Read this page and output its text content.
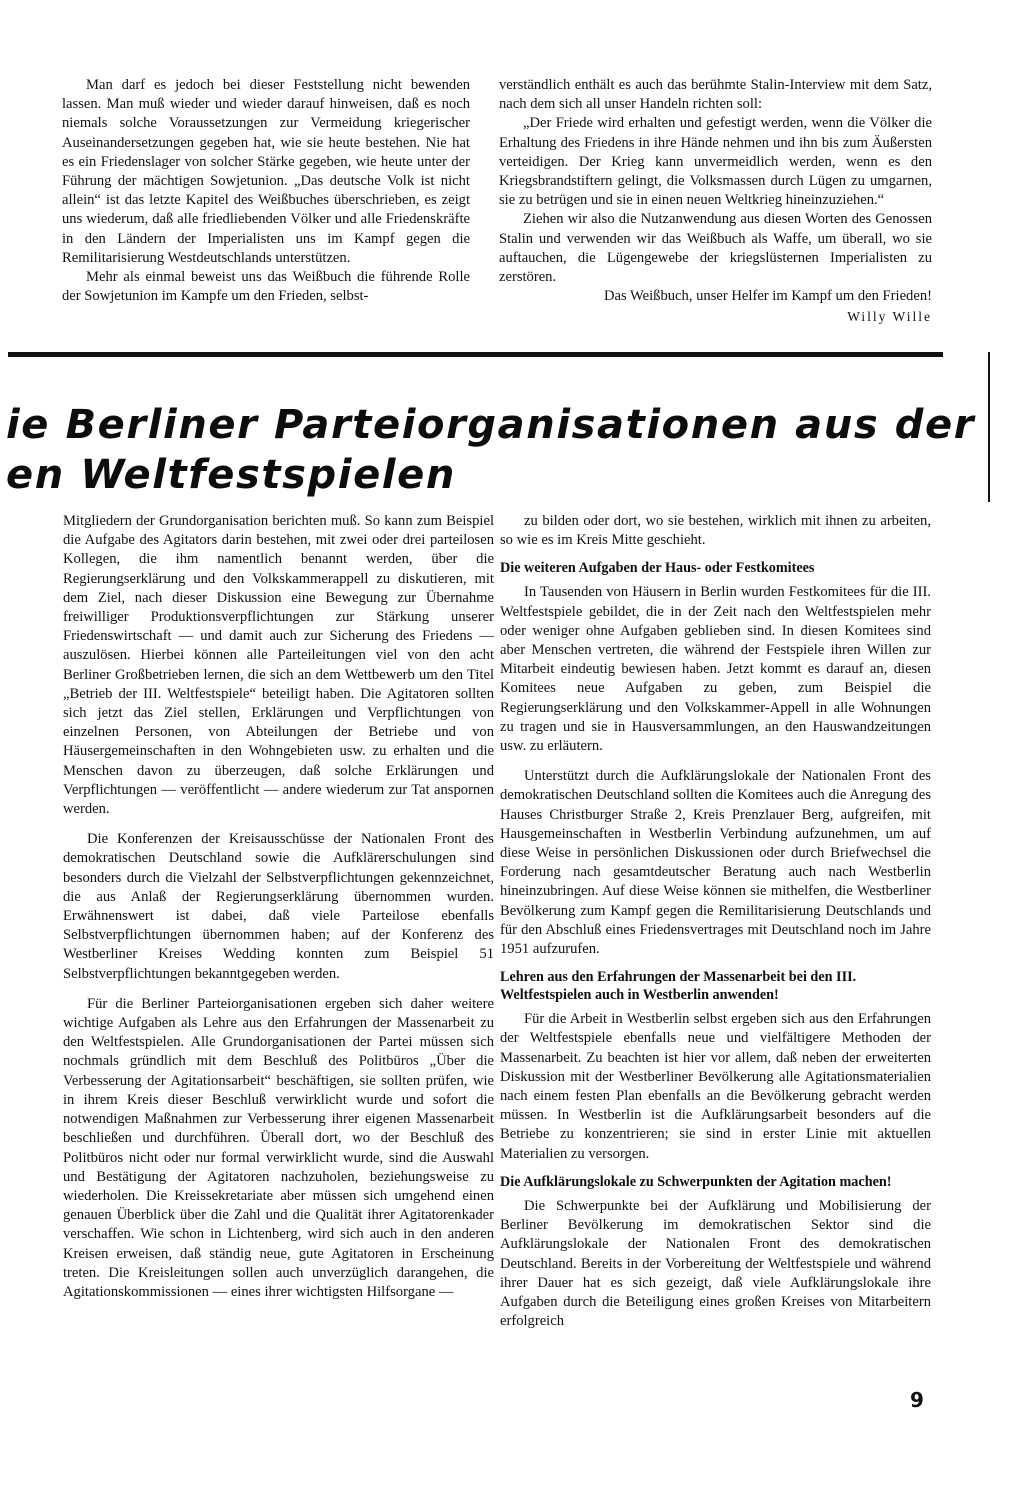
Man darf es jedoch bei dieser Feststellung nicht bewenden lassen. Man muß wieder und wieder darauf hinweisen, daß es noch niemals solche Voraussetzungen zur Vermeidung kriegerischer Auseinandersetzungen gegeben hat, wie sie heute bestehen. Nie hat es ein Friedenslager von solcher Stärke gegeben, wie heute unter der Führung der mächtigen Sowjetunion. „Das deutsche Volk ist nicht allein“ ist das letzte Kapitel des Weißbuches überschrieben, es zeigt uns wiederum, daß alle friedliebenden Völker und alle Friedenskräfte in den Ländern der Imperialisten uns im Kampf gegen die Remilitarisierung Westdeutschlands unterstützen.

Mehr als einmal beweist uns das Weißbuch die führende Rolle der Sowjetunion im Kampfe um den Frieden, selbst-

verständlich enthält es auch das berühmte Stalin-Interview mit dem Satz, nach dem sich all unser Handeln richten soll:

„Der Friede wird erhalten und gefestigt werden, wenn die Völker die Erhaltung des Friedens in ihre Hände nehmen und ihn bis zum Äußersten verteidigen. Der Krieg kann unvermeidlich werden, wenn es den Kriegsbrandstiftern gelingt, die Volksmassen durch Lügen zu umgarnen, sie zu betrügen und sie in einen neuen Weltkrieg hineinzuziehen.“

Ziehen wir also die Nutzanwendung aus diesen Worten des Genossen Stalin und verwenden wir das Weißbuch als Waffe, um überall, wo sie auftauchen, die Lügengewebe der kriegslüsternen Imperialisten zu zerstören.

Das Weißbuch, unser Helfer im Kampf um den Frieden!

Willy Wille
ie Berliner Parteiorganisationen aus der
en Weltfestspielen

Mitgliedern der Grundorganisation berichten muß. So kann zum Beispiel die Aufgabe des Agitators darin bestehen, mit zwei oder drei parteilosen Kollegen, die ihm namentlich benannt werden, über die Regierungserklärung und den Volkskammerappell zu diskutieren, mit dem Ziel, nach dieser Diskussion eine Bewegung zur Übernahme freiwilliger Produktionsverpflichtungen zur Stärkung unserer Friedenswirtschaft — und damit auch zur Sicherung des Friedens — auszulösen. Hierbei können alle Parteileitungen viel von den acht Berliner Großbetrieben lernen, die sich an dem Wettbewerb um den Titel „Betrieb der III. Weltfestspiele“ beteiligt haben. Die Agitatoren sollten sich jetzt das Ziel stellen, Erklärungen und Verpflichtungen von einzelnen Personen, von Abteilungen der Betriebe und von Häusergemeinschaften in den Wohngebieten usw. zu erhalten und die Menschen davon zu überzeugen, daß solche Erklärungen und Verpflichtungen — veröffentlicht — andere wiederum zur Tat anspornen werden.

Die Konferenzen der Kreisausschüsse der Nationalen Front des demokratischen Deutschland sowie die Aufklärerschulungen sind besonders durch die Vielzahl der Selbstverpflichtungen gekennzeichnet, die aus Anlaß der Regierungserklärung übernommen wurden. Erwähnenswert ist dabei, daß viele Parteilose ebenfalls Selbstverpflichtungen übernommen haben; auf der Konferenz des Westberliner Kreises Wedding konnten zum Beispiel 51 Selbstverpflichtungen bekanntgegeben werden.

Für die Berliner Parteiorganisationen ergeben sich daher weitere wichtige Aufgaben als Lehre aus den Erfahrungen der Massenarbeit zu den Weltfestspielen. Alle Grundorganisationen der Partei müssen sich nochmals gründlich mit dem Beschluß des Politbüros „Über die Verbesserung der Agitationsarbeit“ beschäftigen, sie sollten prüfen, wie in ihrem Kreis dieser Beschluß verwirklicht wurde und sofort die notwendigen Maßnahmen zur Verbesserung ihrer eigenen Massenarbeit beschließen und durchführen. Überall dort, wo der Beschluß des Politbüros nicht oder nur formal verwirklicht wurde, sind die Auswahl und Bestätigung der Agitatoren nachzuholen, beziehungsweise zu wiederholen. Die Kreissekretariate aber müssen sich umgehend einen genauen Überblick über die Zahl und die Qualität ihrer Agitatorenkader verschaffen. Wie schon in Lichtenberg, wird sich auch in den anderen Kreisen erweisen, daß ständig neue, gute Agitatoren in Erscheinung treten. Die Kreisleitungen sollen auch unverzüglich darangehen, die Agitationskommissionen — eines ihrer wichtigsten Hilfsorgane —

zu bilden oder dort, wo sie bestehen, wirklich mit ihnen zu arbeiten, so wie es im Kreis Mitte geschieht.

Die weiteren Aufgaben der Haus- oder Festkomitees

In Tausenden von Häusern in Berlin wurden Festkomitees für die III. Weltfestspiele gebildet, die in der Zeit nach den Weltfestspielen mehr oder weniger ohne Aufgaben geblieben sind. In diesen Komitees sind aber Menschen vertreten, die während der Festspiele ihren Willen zur Mitarbeit eindeutig bewiesen haben. Jetzt kommt es darauf an, diesen Komitees neue Aufgaben zu geben, zum Beispiel die Regierungserklärung und den Volkskammer-Appell in alle Wohnungen zu tragen und sie in Hausversammlungen, an den Hauswandzeitungen usw. zu erläutern.

Unterstützt durch die Aufklärungslokale der Nationalen Front des demokratischen Deutschland sollten die Komitees auch die Anregung des Hauses Christburger Straße 2, Kreis Prenzlauer Berg, aufgreifen, mit Hausgemeinschaften in Westberlin Verbindung aufzunehmen, um auf diese Weise in persönlichen Diskussionen oder durch Briefwechsel die Forderung nach gesamtdeutscher Beratung auch nach Westberlin hineinzubringen. Auf diese Weise können sie mithelfen, die Westberliner Bevölkerung zum Kampf gegen die Remilitarisierung Deutschlands und für den Abschluß eines Friedensvertrages mit Deutschland noch im Jahre 1951 aufzurufen.

Lehren aus den Erfahrungen der Massenarbeit bei den III. Weltfestspielen auch in Westberlin anwenden!

Für die Arbeit in Westberlin selbst ergeben sich aus den Erfahrungen der Weltfestspiele ebenfalls neue und vielfältigere Methoden der Massenarbeit. Zu beachten ist hier vor allem, daß neben der erweiterten Diskussion mit der Westberliner Bevölkerung alle Agitationsmaterialien nach einem festen Plan ebenfalls an die Bevölkerung gebracht werden müssen. In Westberlin ist die Aufklärungsarbeit besonders auf die Betriebe zu konzentrieren; sie sind in erster Linie mit aktuellen Materialien zu versorgen.

Die Aufklärungslokale zu Schwerpunkten der Agitation machen!

Die Schwerpunkte bei der Aufklärung und Mobilisierung der Berliner Bevölkerung im demokratischen Sektor sind die Aufklärungslokale der Nationalen Front des demokratischen Deutschland. Bereits in der Vorbereitung der Weltfestspiele und während ihrer Dauer hat es sich gezeigt, daß viele Aufklärungslokale ihre Aufgaben durch die Beteiligung eines großen Kreises von Mitarbeitern erfolgreich

9
